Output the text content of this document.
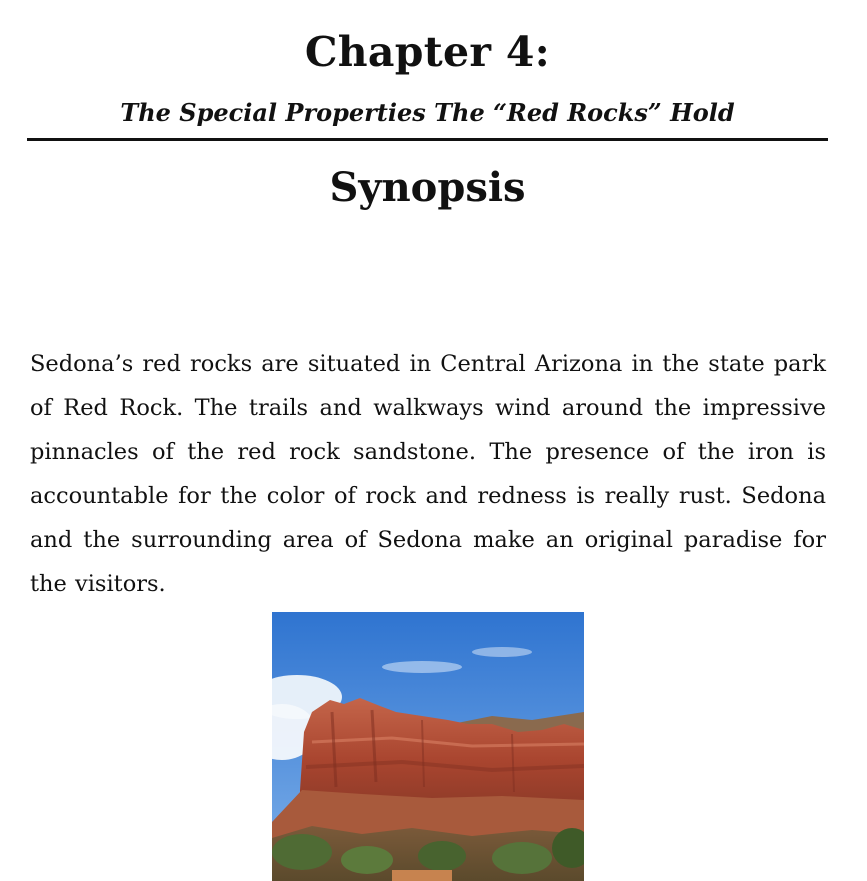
Chapter 4:
The Special Properties The “Red Rocks” Hold
Synopsis

Sedona’s red rocks are situated in Central Arizona in the state park of Red Rock. The trails and walkways wind around the impressive pinnacles of the red rock sandstone. The presence of the iron is accountable for the color of rock and redness is really rust. Sedona and the surrounding area of Sedona make an original paradise for the visitors.
